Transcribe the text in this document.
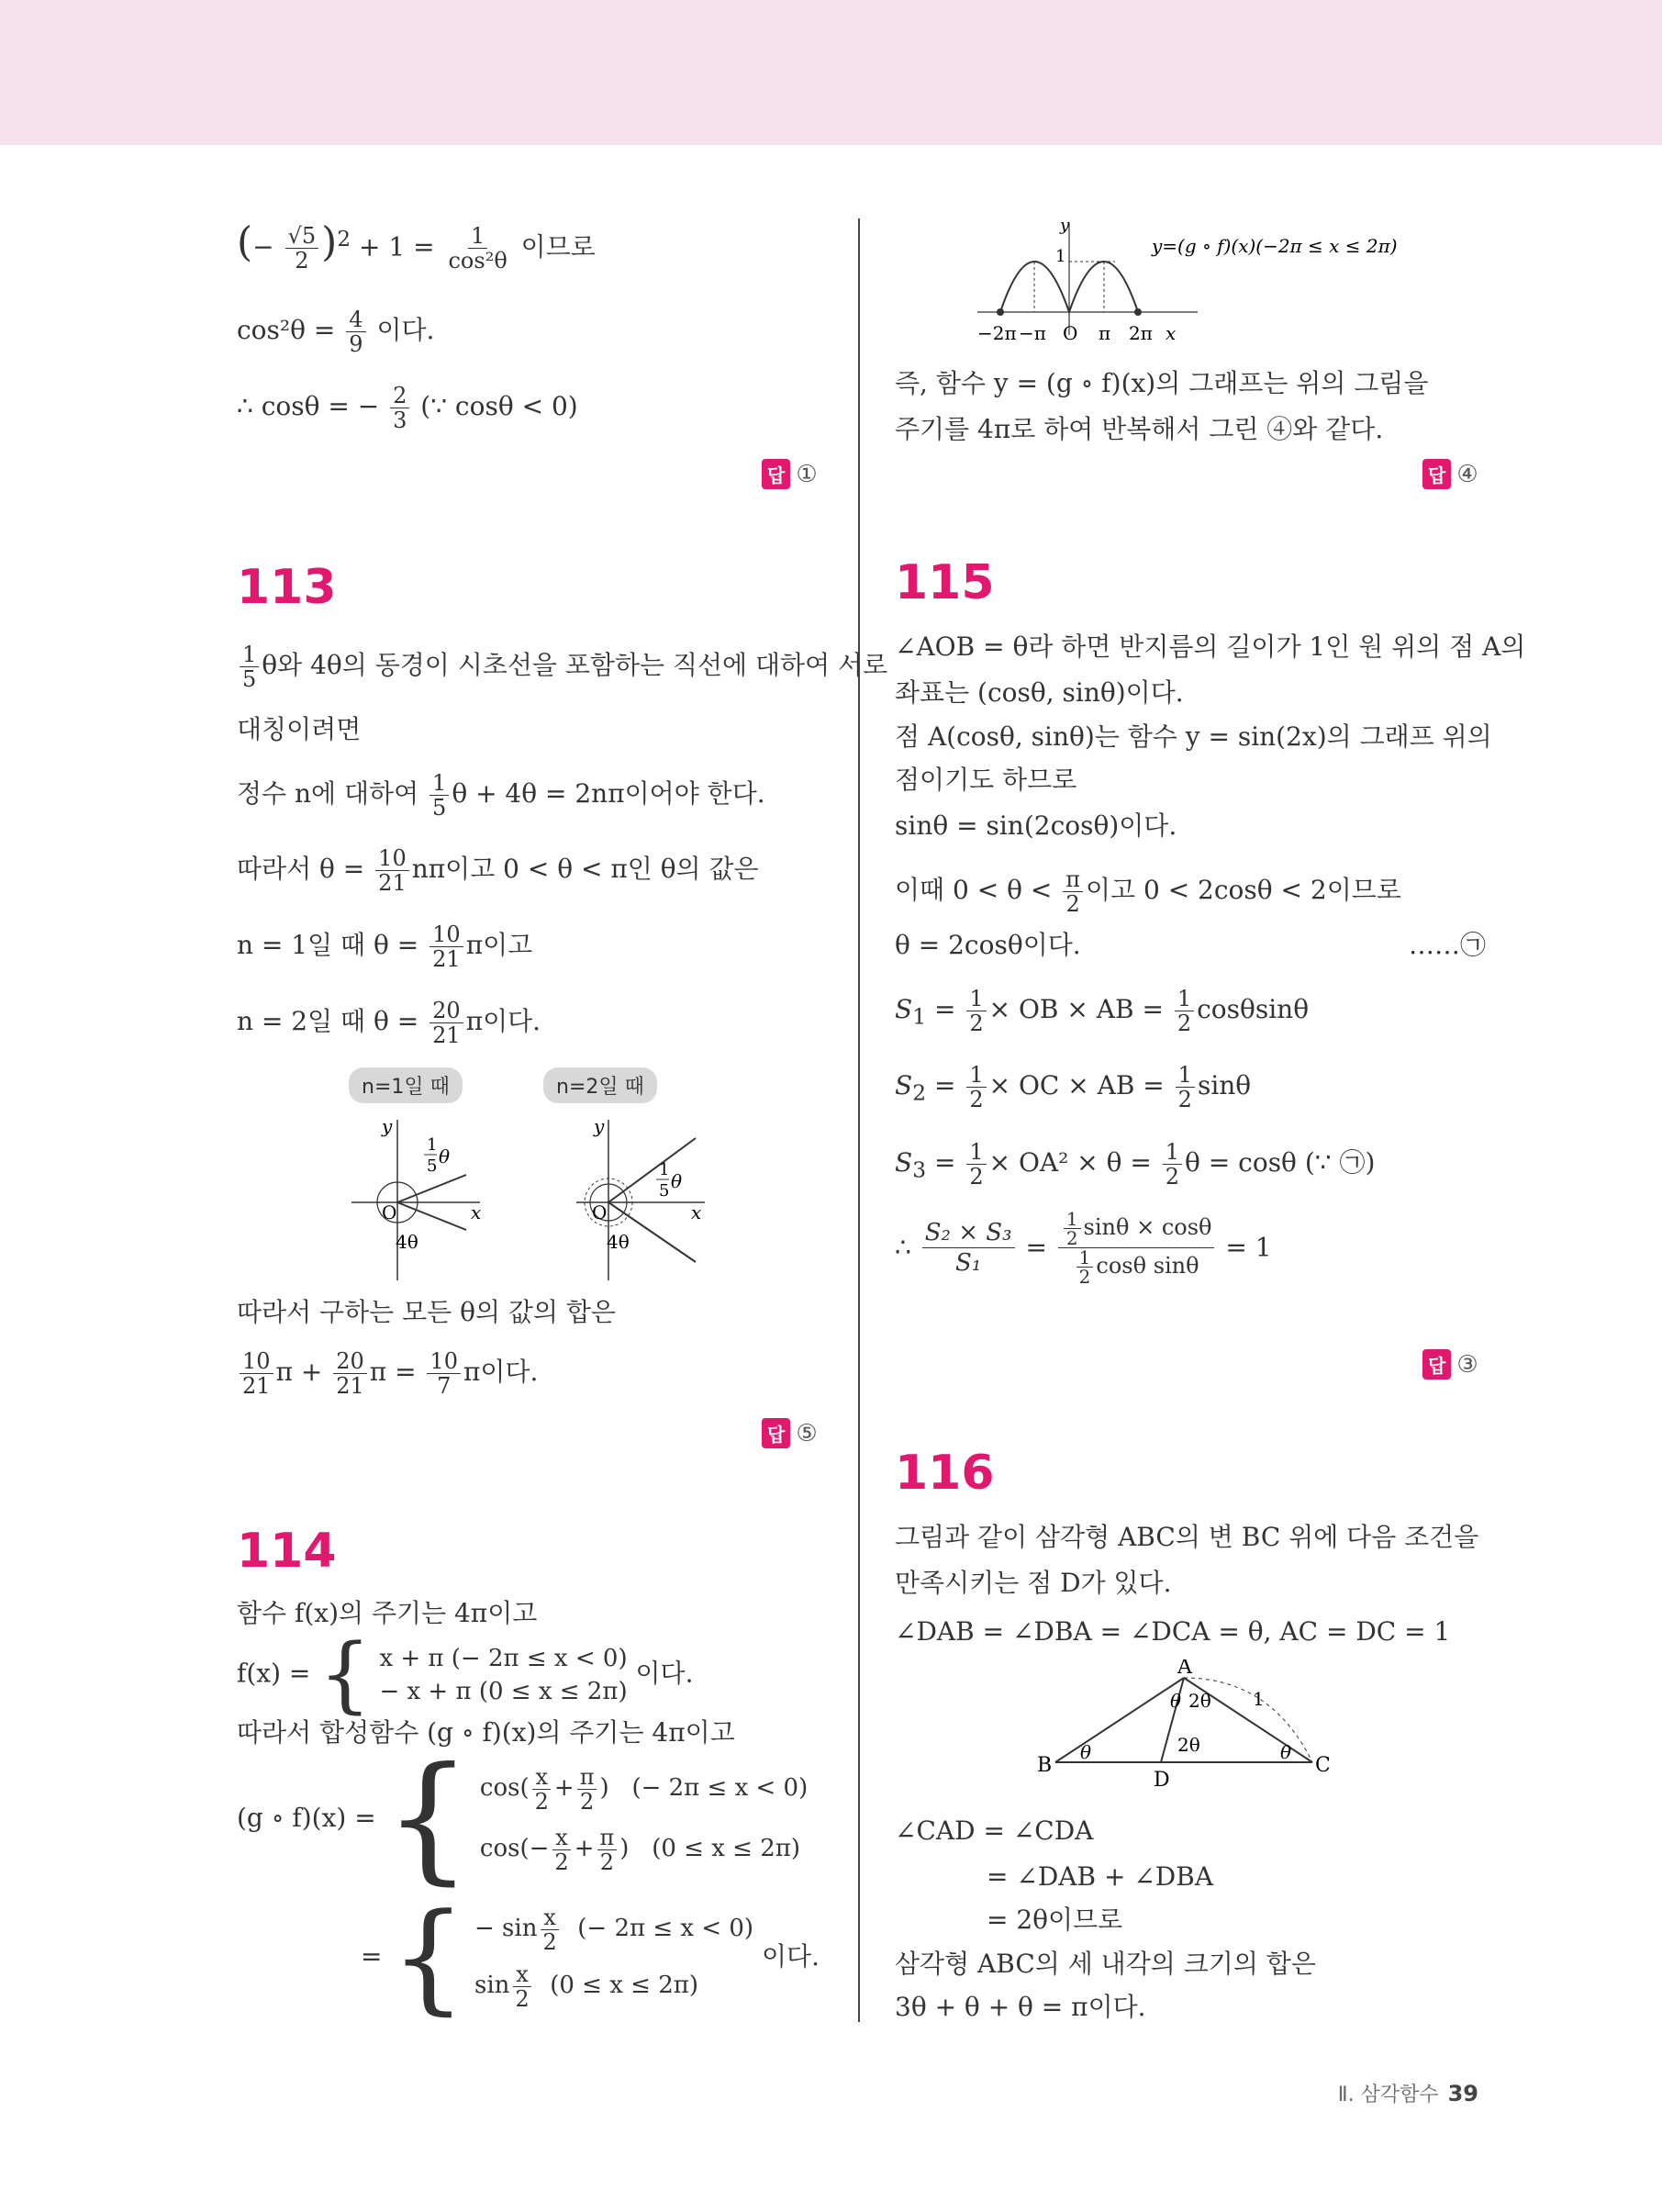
(− $\frac{√5}{2} )^2 + 1 = \frac{1}{\text{cos²θ}}$ 이므로
$\cos^2\theta = \frac{4}{9}$ 이다.
∴ cosθ = − $\frac{2}{3}$ (∵ cosθ < 0)
답 ①
113
$\frac{1}{5}$ θ와 4θ의 동경이 시초선을 포함하는 직선에 대하여 서로
대칭이려면
정수 n에 대하여 $\frac{1}{5}$ θ + 4θ = 2nπ이어야 한다.
따라서 $\theta = \frac{10}{21}$ nπ이고 0 < θ < π인 θ의 값은
n = 1일 때 $\theta = \frac{10}{21}$ π이고
n = 2일 때 $\theta = \frac{20}{21}$ π이다.
n=1일 때	n=2일 때
y
x
O
4θ
1
5 θ
y
x
O
4θ
1
5 θ
따라서 구하는 모든 θ의 값의 합은
$\frac{10}{21}$ $\pi + \frac{20}{21}$ $\pi = \frac{10}{7}$ π이다.
답 ⑤
114
함수 f(x)의 주기는 4π이고
f(x) = { x + π (− 2π ≤ x < 0)
− x + π (0 ≤ x ≤ 2π)
이다.
따라서 합성함수 (g ∘ f)(x)의 주기는 4π이고
(g ∘ f)(x) = { $\cos( \frac{x}{2} + \frac{\pi}{2}$ ) (− 2π ≤ x < 0)
$\cos(- \frac{x}{2} + \frac{\pi}{2}$ ) (0 ≤ x ≤ 2π)
= { − $\sin \frac{x}{2}$ (− 2π ≤ x < 0)
$\sin \frac{x}{2} (0 \le x \le 2\pi)$
이다.
y
1	y=(g ∘ f)(x)(−2π ≤ x ≤ 2π)
−2π −π O π 2π x
즉, 함수 y = (g ∘ f)(x)의 그래프는 위의 그림을
주기를 4π로 하여 반복해서 그린 ④와 같다.
답 ④
115
∠AOB = θ라 하면 반지름의 길이가 1인 원 위의 점 A의
좌표는 (cosθ, sinθ)이다.
점 A(cosθ, sinθ)는 함수 y = sin(2x)의 그래프 위의
점이기도 하므로
sinθ = sin(2cosθ)이다.
이때 $0 < \theta < \frac{\pi}{2}$ 이고 0 < 2cosθ < 2이므로
θ = 2cosθ이다.	……㉠
$S_1 = \frac{1}{2}$ × OB × AB = $\frac{1}{2}$ cosθsinθ
$S_2 = \frac{1}{2}$ × OC × AB = $\frac{1}{2}$ sinθ
$S_3 = \frac{1}{2} \times OA^2 \times \theta = \frac{1}{2}$ θ = cosθ (∵ ㉠)
∴ $\frac{\text{S₂ × S₃}}{\text{S₁}} = \frac{\frac{1}{2} \sin\theta \times \cos\theta}{\frac{1}{2} \cos\theta \sin\theta} = 1$
답 ③
116
그림과 같이 삼각형 ABC의 변 BC 위에 다음 조건을
만족시키는 점 D가 있다.
∠DAB = ∠DBA = ∠DCA = θ, AC = DC = 1
A
B	C
D
θ
θ
θ
2θ
2θ
1
∠CAD = ∠CDA
= ∠DAB + ∠DBA
= 2θ이므로
삼각형 ABC의 세 내각의 크기의 합은
3θ + θ + θ = π이다.
Ⅱ. 삼각함수 39
